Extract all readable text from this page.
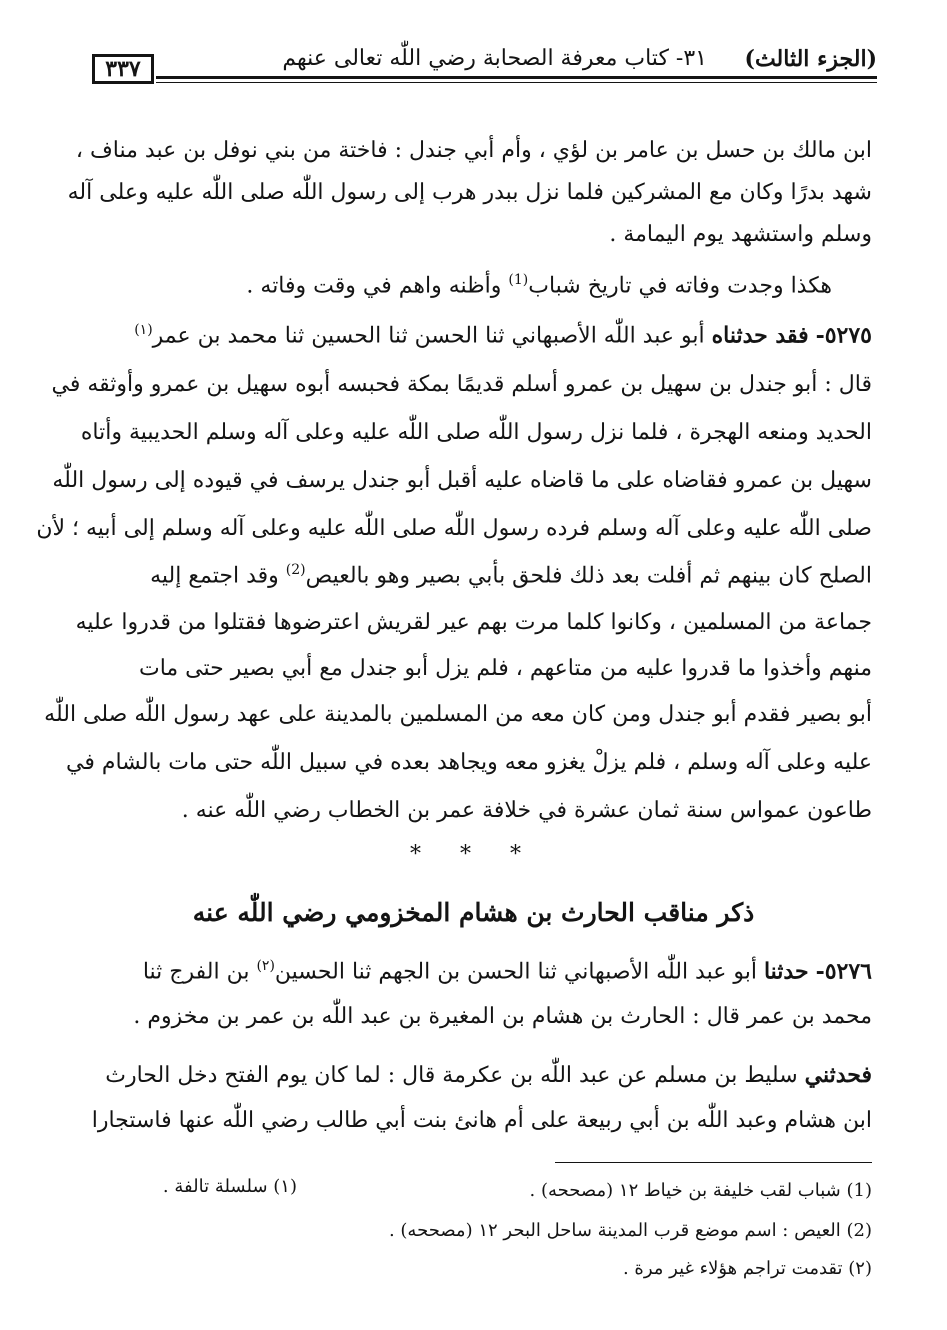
(الجزء الثالث)
٣١- كتاب معرفة الصحابة رضي اللّٰه تعالى عنهم
٣٣٧
ابن مالك بن حسل بن عامر بن لؤي ، وأم أبي جندل : فاختة من بني نوفل بن عبد مناف ،
شهد بدرًا وكان مع المشركين فلما نزل ببدر هرب إلى رسول اللّٰه صلى اللّٰه عليه وعلى آله
وسلم واستشهد يوم اليمامة .
هكذا وجدت وفاته في تاريخ شباب$^{(1)}$ وأظنه واهم في وقت وفاته .
٥٢٧٥- فقد حدثناه أبو عبد اللّٰه الأصبهاني ثنا الحسن ثنا الحسين ثنا محمد بن عمر$^{(١)}$
قال : أبو جندل بن سهيل بن عمرو أسلم قديمًا بمكة فحبسه أبوه سهيل بن عمرو وأوثقه في
الحديد ومنعه الهجرة ، فلما نزل رسول اللّٰه صلى اللّٰه عليه وعلى آله وسلم الحديبية وأتاه
سهيل بن عمرو فقاضاه على ما قاضاه عليه أقبل أبو جندل يرسف في قيوده إلى رسول اللّٰه
صلى اللّٰه عليه وعلى آله وسلم فرده رسول اللّٰه صلى اللّٰه عليه وعلى آله وسلم إلى أبيه ؛ لأن
الصلح كان بينهم ثم أفلت بعد ذلك فلحق بأبي بصير وهو بالعيص$^{(2)}$ وقد اجتمع إليه
جماعة من المسلمين ، وكانوا كلما مرت بهم عير لقريش اعترضوها فقتلوا من قدروا عليه
منهم وأخذوا ما قدروا عليه من متاعهم ، فلم يزل أبو جندل مع أبي بصير حتى مات
أبو بصير فقدم أبو جندل ومن كان معه من المسلمين بالمدينة على عهد رسول اللّٰه صلى اللّٰه
عليه وعلى آله وسلم ، فلم يزلْ يغزو معه ويجاهد بعده في سبيل اللّٰه حتى مات بالشام في
طاعون عمواس سنة ثمان عشرة في خلافة عمر بن الخطاب رضي اللّٰه عنه .
* * *
ذكر مناقب الحارث بن هشام المخزومي رضي اللّٰه عنه
٥٢٧٦- حدثنا أبو عبد اللّٰه الأصبهاني ثنا الحسن بن الجهم ثنا الحسين$^{(٢)}$ بن الفرج ثنا
محمد بن عمر قال : الحارث بن هشام بن المغيرة بن عبد اللّٰه بن عمر بن مخزوم .
فحدثني سليط بن مسلم عن عبد اللّٰه بن عكرمة قال : لما كان يوم الفتح دخل الحارث
ابن هشام وعبد اللّٰه بن أبي ربيعة على أم هانئ بنت أبي طالب رضي اللّٰه عنها فاستجارا
(1) شباب لقب خليفة بن خياط ١٢ (مصححه) .
(١) سلسلة تالفة .
(2) العيص : اسم موضع قرب المدينة ساحل البحر ١٢ (مصححه) .
(٢) تقدمت تراجم هؤلاء غير مرة .
